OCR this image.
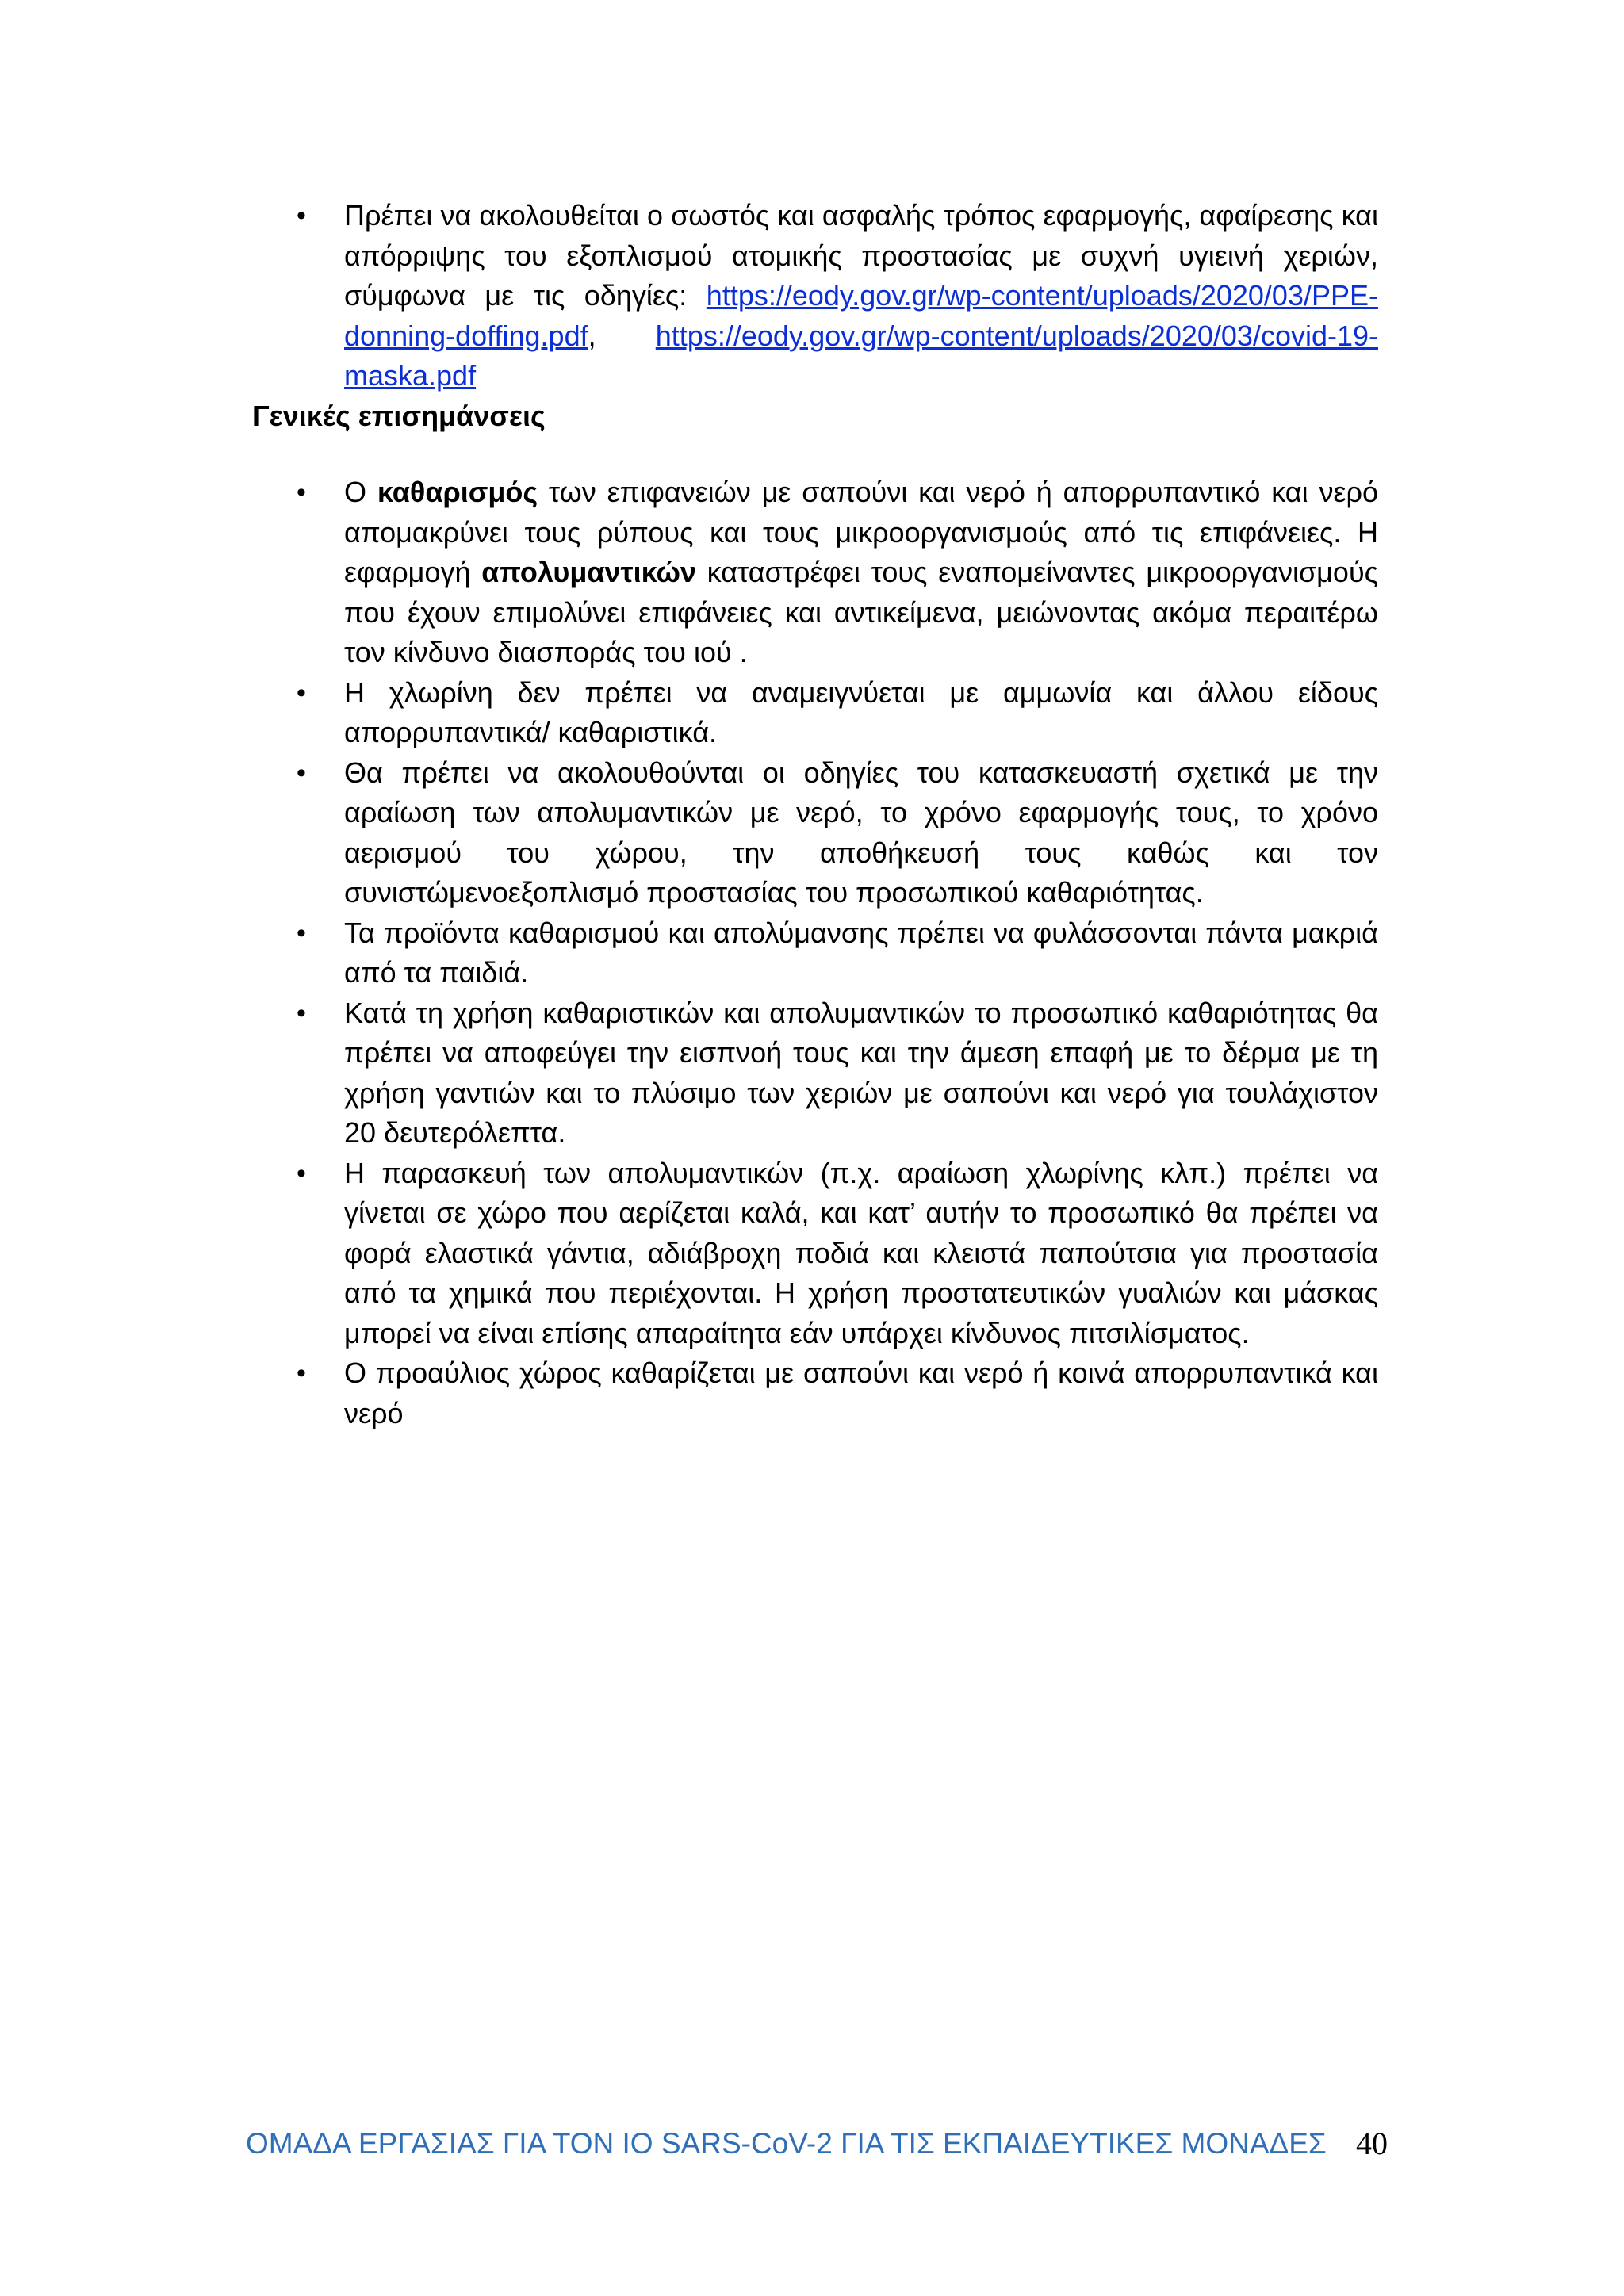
• Πρέπει να ακολουθείται ο σωστός και ασφαλής τρόπος εφαρμογής, αφαίρεσης και απόρριψης του εξοπλισμού ατομικής προστασίας με συχνή υγιεινή χεριών, σύμφωνα με τις οδηγίες: https://eody.gov.gr/wp-content/uploads/2020/03/PPE-donning-doffing.pdf, https://eody.gov.gr/wp-content/uploads/2020/03/covid-19-maska.pdf
Γενικές επισημάνσεις
• Ο καθαρισμός των επιφανειών με σαπούνι και νερό ή απορρυπαντικό και νερό απομακρύνει τους ρύπους και τους μικροοργανισμούς από τις επιφάνειες. Η εφαρμογή απολυμαντικών καταστρέφει τους εναπομείναντες μικροοργανισμούς που έχουν επιμολύνει επιφάνειες και αντικείμενα, μειώνοντας ακόμα περαιτέρω τον κίνδυνο διασποράς του ιού .
• Η χλωρίνη δεν πρέπει να αναμειγνύεται με αμμωνία και άλλου είδους απορρυπαντικά/ καθαριστικά.
• Θα πρέπει να ακολουθούνται οι οδηγίες του κατασκευαστή σχετικά με την αραίωση των απολυμαντικών με νερό, το χρόνο εφαρμογής τους, το χρόνο αερισμού του χώρου, την αποθήκευσή τους καθώς και τον συνιστώμενοεξοπλισμό προστασίας του προσωπικού καθαριότητας.
• Τα προϊόντα καθαρισμού και απολύμανσης πρέπει να φυλάσσονται πάντα μακριά από τα παιδιά.
• Κατά τη χρήση καθαριστικών και απολυμαντικών το προσωπικό καθαριότητας θα πρέπει να αποφεύγει την εισπνοή τους και την άμεση επαφή με το δέρμα με τη χρήση γαντιών και το πλύσιμο των χεριών με σαπούνι και νερό για τουλάχιστον 20 δευτερόλεπτα.
• Η παρασκευή των απολυμαντικών (π.χ. αραίωση χλωρίνης κλπ.) πρέπει να γίνεται σε χώρο που αερίζεται καλά, και κατ’ αυτήν το προσωπικό θα πρέπει να φορά ελαστικά γάντια, αδιάβροχη ποδιά και κλειστά παπούτσια για προστασία από τα χημικά που περιέχονται. Η χρήση προστατευτικών γυαλιών και μάσκας μπορεί να είναι επίσης απαραίτητα εάν υπάρχει κίνδυνος πιτσιλίσματος.
• Ο προαύλιος χώρος καθαρίζεται με σαπούνι και νερό ή κοινά απορρυπαντικά και νερό
ΟΜΑΔΑ ΕΡΓΑΣΙΑΣ ΓΙΑ ΤΟΝ ΙΟ SARS-CoV-2 ΓΙΑ ΤΙΣ ΕΚΠΑΙΔΕΥΤΙΚΕΣ ΜΟΝΑΔΕΣ 40
